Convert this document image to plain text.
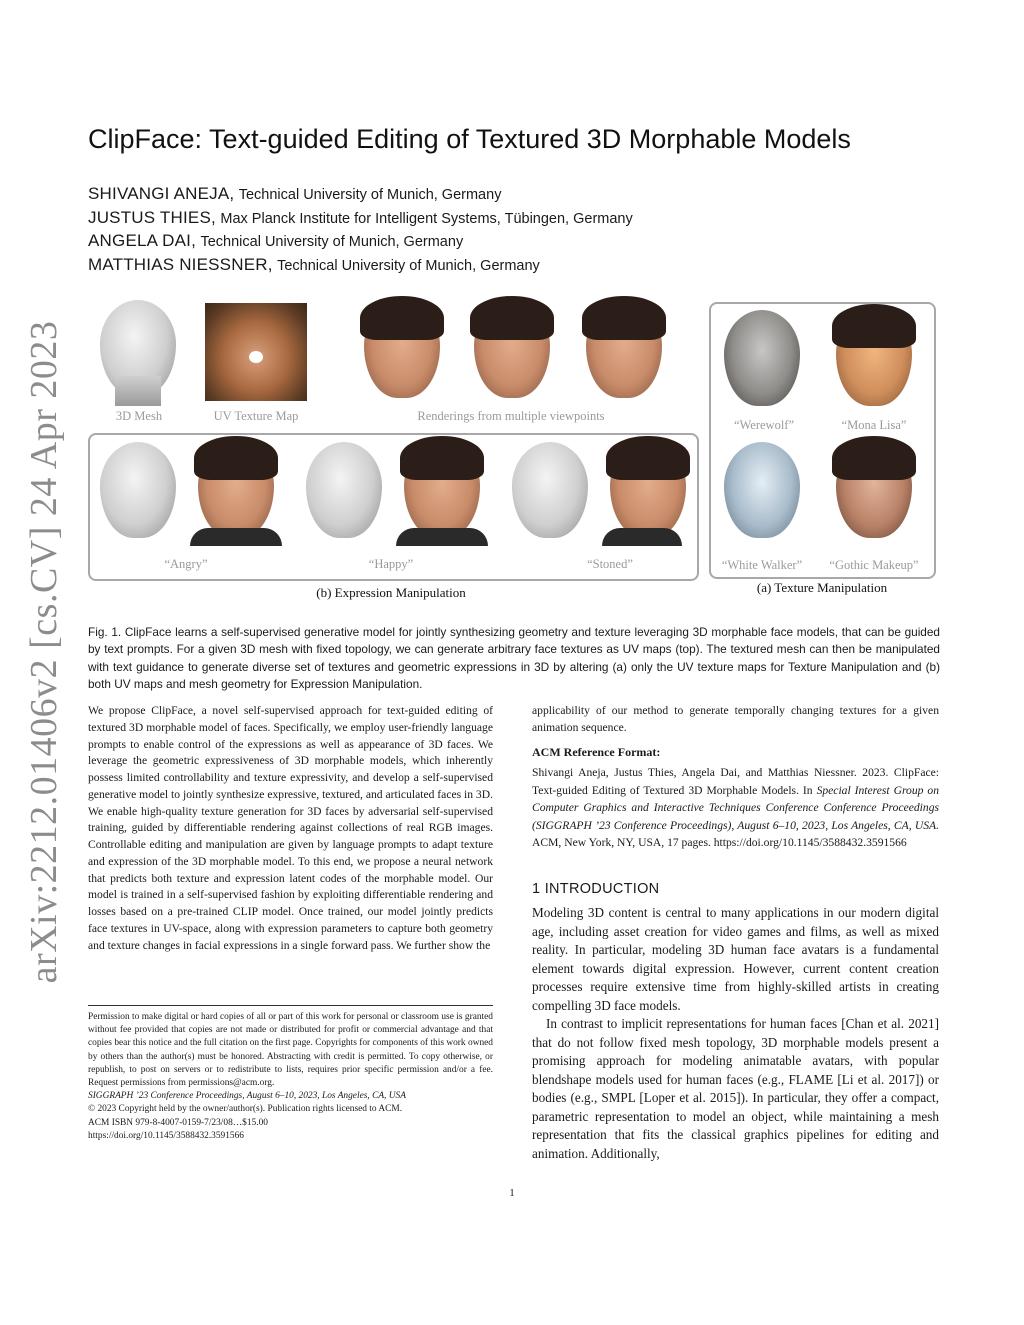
arXiv:2212.01406v2 [cs.CV] 24 Apr 2023
ClipFace: Text-guided Editing of Textured 3D Morphable Models
SHIVANGI ANEJA, Technical University of Munich, Germany
JUSTUS THIES, Max Planck Institute for Intelligent Systems, Tübingen, Germany
ANGELA DAI, Technical University of Munich, Germany
MATTHIAS NIESSNER, Technical University of Munich, Germany
3D Mesh	UV Texture Map	Renderings from multiple viewpoints
“Werewolf”	“Mona Lisa”
“White Walker”	“Gothic Makeup”
(a) Texture Manipulation
“Angry”	“Happy”	“Stoned”
(b) Expression Manipulation
Fig. 1. ClipFace learns a self-supervised generative model for jointly synthesizing geometry and texture leveraging 3D morphable face models, that can be guided by text prompts. For a given 3D mesh with fixed topology, we can generate arbitrary face textures as UV maps (top). The textured mesh can then be manipulated with text guidance to generate diverse set of textures and geometric expressions in 3D by altering (a) only the UV texture maps for Texture Manipulation and (b) both UV maps and mesh geometry for Expression Manipulation.
We propose ClipFace, a novel self-supervised approach for text-guided editing of textured 3D morphable model of faces. Specifically, we employ user-friendly language prompts to enable control of the expressions as well as appearance of 3D faces. We leverage the geometric expressiveness of 3D morphable models, which inherently possess limited controllability and texture expressivity, and develop a self-supervised generative model to jointly synthesize expressive, textured, and articulated faces in 3D. We enable high-quality texture generation for 3D faces by adversarial self-supervised training, guided by differentiable rendering against collections of real RGB images. Controllable editing and manipulation are given by language prompts to adapt texture and expression of the 3D morphable model. To this end, we propose a neural network that predicts both texture and expression latent codes of the morphable model. Our model is trained in a self-supervised fashion by exploiting differentiable rendering and losses based on a pre-trained CLIP model. Once trained, our model jointly predicts face textures in UV-space, along with expression parameters to capture both geometry and texture changes in facial expressions in a single forward pass. We further show the
applicability of our method to generate temporally changing textures for a given animation sequence.
ACM Reference Format:
Shivangi Aneja, Justus Thies, Angela Dai, and Matthias Niessner. 2023. ClipFace: Text-guided Editing of Textured 3D Morphable Models. In Special Interest Group on Computer Graphics and Interactive Techniques Conference Conference Proceedings (SIGGRAPH ’23 Conference Proceedings), August 6–10, 2023, Los Angeles, CA, USA. ACM, New York, NY, USA, 17 pages. https://doi.org/10.1145/3588432.3591566
1 INTRODUCTION

Modeling 3D content is central to many applications in our modern digital age, including asset creation for video games and films, as well as mixed reality. In particular, modeling 3D human face avatars is a fundamental element towards digital expression. However, current content creation processes require extensive time from highly-skilled artists in creating compelling 3D face models.

In contrast to implicit representations for human faces [Chan et al. 2021] that do not follow fixed mesh topology, 3D morphable models present a promising approach for modeling animatable avatars, with popular blendshape models used for human faces (e.g., FLAME [Li et al. 2017]) or bodies (e.g., SMPL [Loper et al. 2015]). In particular, they offer a compact, parametric representation to model an object, while maintaining a mesh representation that fits the classical graphics pipelines for editing and animation. Additionally,

Permission to make digital or hard copies of all or part of this work for personal or classroom use is granted without fee provided that copies are not made or distributed for profit or commercial advantage and that copies bear this notice and the full citation on the first page. Copyrights for components of this work owned by others than the author(s) must be honored. Abstracting with credit is permitted. To copy otherwise, or republish, to post on servers or to redistribute to lists, requires prior specific permission and/or a fee. Request permissions from permissions@acm.org.
SIGGRAPH ’23 Conference Proceedings, August 6–10, 2023, Los Angeles, CA, USA
© 2023 Copyright held by the owner/author(s). Publication rights licensed to ACM.
ACM ISBN 979-8-4007-0159-7/23/08…$15.00
https://doi.org/10.1145/3588432.3591566
1
